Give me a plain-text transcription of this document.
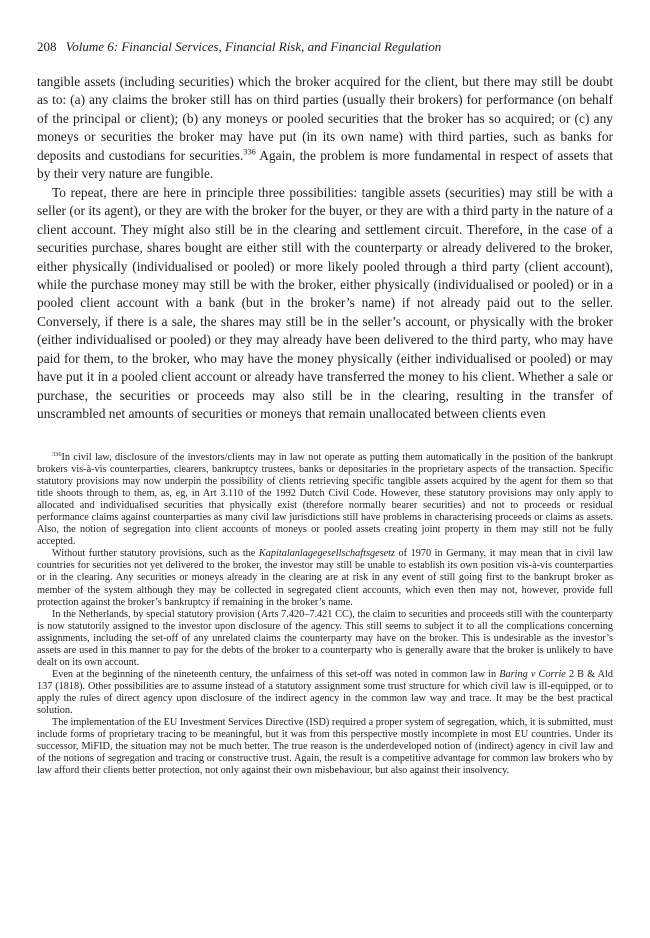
208 Volume 6: Financial Services, Financial Risk, and Financial Regulation

tangible assets (including securities) which the broker acquired for the client, but there may still be doubt as to: (a) any claims the broker still has on third parties (usually their brokers) for performance (on behalf of the principal or client); (b) any moneys or pooled securities that the broker has so acquired; or (c) any moneys or securities the broker may have put (in its own name) with third parties, such as banks for deposits and custodians for securities.$^{336}$ Again, the problem is more fundamental in respect of assets that by their very nature are fungible.

To repeat, there are here in principle three possibilities: tangible assets (securities) may still be with a seller (or its agent), or they are with the broker for the buyer, or they are with a third party in the nature of a client account. They might also still be in the clearing and settlement circuit. Therefore, in the case of a securities purchase, shares bought are either still with the counterparty or already delivered to the broker, either physically (individualised or pooled) or more likely pooled through a third party (client account), while the purchase money may still be with the broker, either physically (individualised or pooled) or in a pooled client account with a bank (but in the broker’s name) if not already paid out to the seller. Conversely, if there is a sale, the shares may still be in the seller’s account, or physically with the broker (either individualised or pooled) or they may already have been delivered to the third party, who may have paid for them, to the broker, who may have the money physically (either individualised or pooled) or may have put it in a pooled client account or already have transferred the money to his client. Whether a sale or purchase, the securities or proceeds may also still be in the clearing, resulting in the transfer of unscrambled net amounts of securities or moneys that remain unallocated between clients even

$^{336}$In civil law, disclosure of the investors/clients may in law not operate as putting them automatically in the position of the bankrupt brokers vis-à-vis counterparties, clearers, bankruptcy trustees, banks or depositaries in the proprietary aspects of the transaction. Specific statutory provisions may now underpin the possibility of clients retrieving specific tangible assets acquired by the agent for them so that title shoots through to them, as, eg, in Art 3.110 of the 1992 Dutch Civil Code. However, these statutory provisions may only apply to allocated and individualised securities that physically exist (therefore normally bearer securities) and not to proceeds or residual performance claims against counterparties as many civil law jurisdictions still have problems in characterising proceeds or claims as assets. Also, the notion of segregation into client accounts of moneys or pooled assets creating joint property in them may still not be fully accepted.

Without further statutory provisions, such as the Kapitalanlagegesellschaftsgesetz of 1970 in Germany, it may mean that in civil law countries for securities not yet delivered to the broker, the investor may still be unable to establish its own position vis-à-vis counterparties or in the clearing. Any securities or moneys already in the clearing are at risk in any event of still going first to the bankrupt broker as member of the system although they may be collected in segregated client accounts, which even then may not, however, provide full protection against the broker’s bankruptcy if remaining in the broker’s name.

In the Netherlands, by special statutory provision (Arts 7.420–7.421 CC), the claim to securities and proceeds still with the counterparty is now statutorily assigned to the investor upon disclosure of the agency. This still seems to subject it to all the complications concerning assignments, including the set-off of any unrelated claims the counterparty may have on the broker. This is undesirable as the investor’s assets are used in this manner to pay for the debts of the broker to a counterparty who is generally aware that the broker is unlikely to have dealt on its own account.

Even at the beginning of the nineteenth century, the unfairness of this set-off was noted in common law in Baring v Corrie 2 B & Ald 137 (1818). Other possibilities are to assume instead of a statutory assignment some trust structure for which civil law is ill-equipped, or to apply the rules of direct agency upon disclosure of the indirect agency in the common law way and trace. It may be the best practical solution.

The implementation of the EU Investment Services Directive (ISD) required a proper system of segregation, which, it is submitted, must include forms of proprietary tracing to be meaningful, but it was from this perspective mostly incomplete in most EU countries. Under its successor, MiFID, the situation may not be much better. The true reason is the underdeveloped notion of (indirect) agency in civil law and of the notions of segregation and tracing or constructive trust. Again, the result is a competitive advantage for common law brokers who by law afford their clients better protection, not only against their own misbehaviour, but also against their insolvency.
